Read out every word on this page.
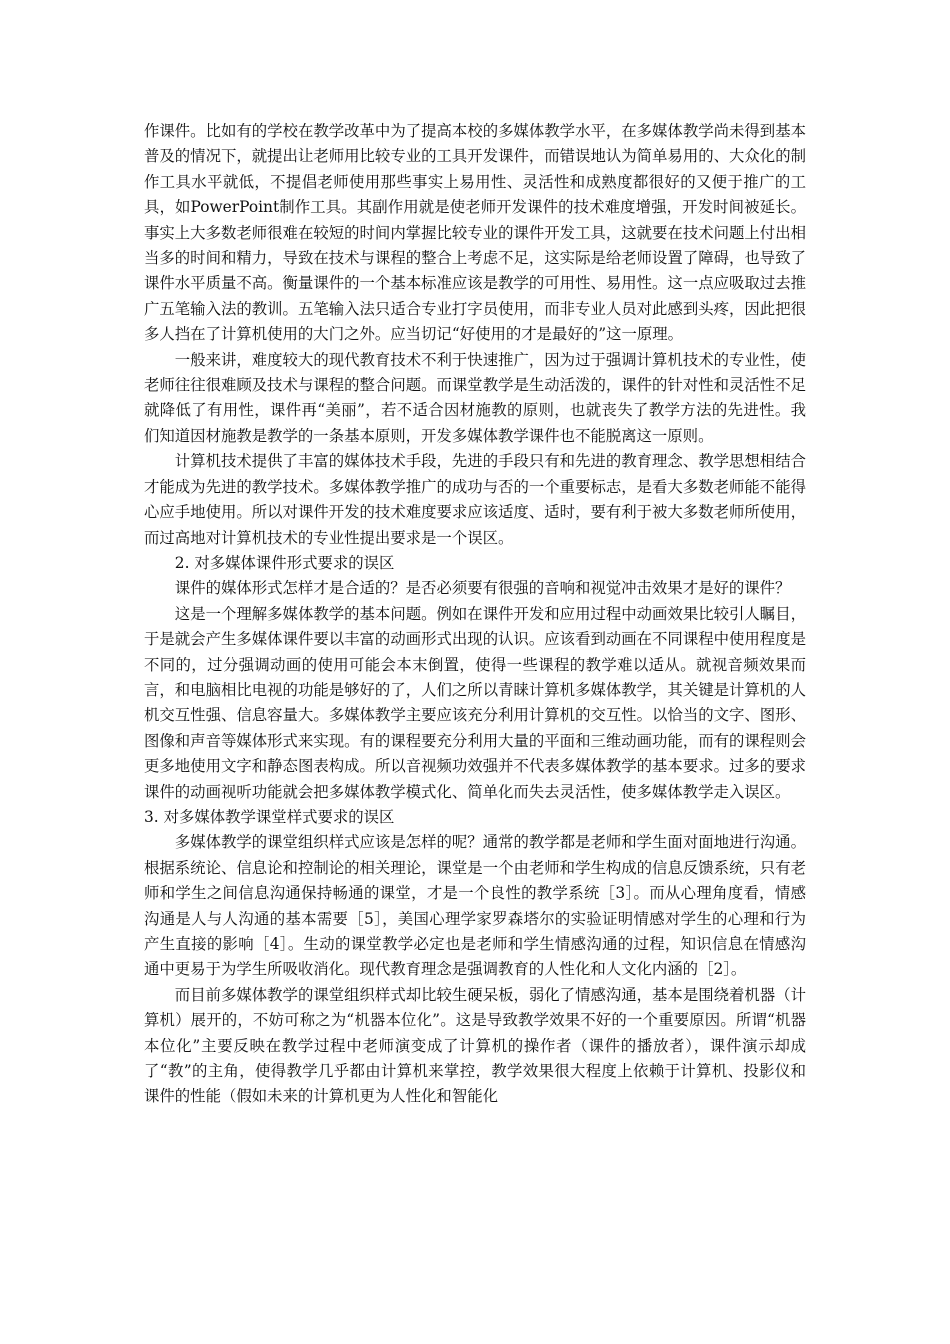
作课件。比如有的学校在教学改革中为了提高本校的多媒体教学水平，在多媒体教学尚未得到基本普及的情况下，就提出让老师用比较专业的工具开发课件，而错误地认为简单易用的、大众化的制作工具水平就低，不提倡老师使用那些事实上易用性、灵活性和成熟度都很好的又便于推广的工具，如PowerPoint制作工具。其副作用就是使老师开发课件的技术难度增强，开发时间被延长。事实上大多数老师很难在较短的时间内掌握比较专业的课件开发工具，这就要在技术问题上付出相当多的时间和精力，导致在技术与课程的整合上考虑不足，这实际是给老师设置了障碍，也导致了课件水平质量不高。衡量课件的一个基本标准应该是教学的可用性、易用性。这一点应吸取过去推广五笔输入法的教训。五笔输入法只适合专业打字员使用，而非专业人员对此感到头疼，因此把很多人挡在了计算机使用的大门之外。应当切记“好使用的才是最好的”这一原理。

一般来讲，难度较大的现代教育技术不利于快速推广，因为过于强调计算机技术的专业性，使老师往往很难顾及技术与课程的整合问题。而课堂教学是生动活泼的，课件的针对性和灵活性不足就降低了有用性，课件再“美丽”，若不适合因材施教的原则，也就丧失了教学方法的先进性。我们知道因材施教是教学的一条基本原则，开发多媒体教学课件也不能脱离这一原则。

计算机技术提供了丰富的媒体技术手段，先进的手段只有和先进的教育理念、教学思想相结合才能成为先进的教学技术。多媒体教学推广的成功与否的一个重要标志，是看大多数老师能不能得心应手地使用。所以对课件开发的技术难度要求应该适度、适时，要有利于被大多数老师所使用，而过高地对计算机技术的专业性提出要求是一个误区。

2. 对多媒体课件形式要求的误区

课件的媒体形式怎样才是合适的？是否必须要有很强的音响和视觉冲击效果才是好的课件？

这是一个理解多媒体教学的基本问题。例如在课件开发和应用过程中动画效果比较引人瞩目，于是就会产生多媒体课件要以丰富的动画形式出现的认识。应该看到动画在不同课程中使用程度是不同的，过分强调动画的使用可能会本末倒置，使得一些课程的教学难以适从。就视音频效果而言，和电脑相比电视的功能是够好的了，人们之所以青睐计算机多媒体教学，其关键是计算机的人机交互性强、信息容量大。多媒体教学主要应该充分利用计算机的交互性。以恰当的文字、图形、图像和声音等媒体形式来实现。有的课程要充分利用大量的平面和三维动画功能，而有的课程则会更多地使用文字和静态图表构成。所以音视频功效强并不代表多媒体教学的基本要求。过多的要求课件的动画视听功能就会把多媒体教学模式化、简单化而失去灵活性，使多媒体教学走入误区。

3. 对多媒体教学课堂样式要求的误区

多媒体教学的课堂组织样式应该是怎样的呢？通常的教学都是老师和学生面对面地进行沟通。根据系统论、信息论和控制论的相关理论，课堂是一个由老师和学生构成的信息反馈系统，只有老师和学生之间信息沟通保持畅通的课堂，才是一个良性的教学系统［3］。而从心理角度看，情感沟通是人与人沟通的基本需要［5］，美国心理学家罗森塔尔的实验证明情感对学生的心理和行为产生直接的影响［4］。生动的课堂教学必定也是老师和学生情感沟通的过程，知识信息在情感沟通中更易于为学生所吸收消化。现代教育理念是强调教育的人性化和人文化内涵的［2］。

而目前多媒体教学的课堂组织样式却比较生硬呆板，弱化了情感沟通，基本是围绕着机器（计算机）展开的，不妨可称之为“机器本位化”。这是导致教学效果不好的一个重要原因。所谓“机器本位化”主要反映在教学过程中老师演变成了计算机的操作者（课件的播放者），课件演示却成了“教”的主角，使得教学几乎都由计算机来掌控，教学效果很大程度上依赖于计算机、投影仪和课件的性能（假如未来的计算机更为人性化和智能化
